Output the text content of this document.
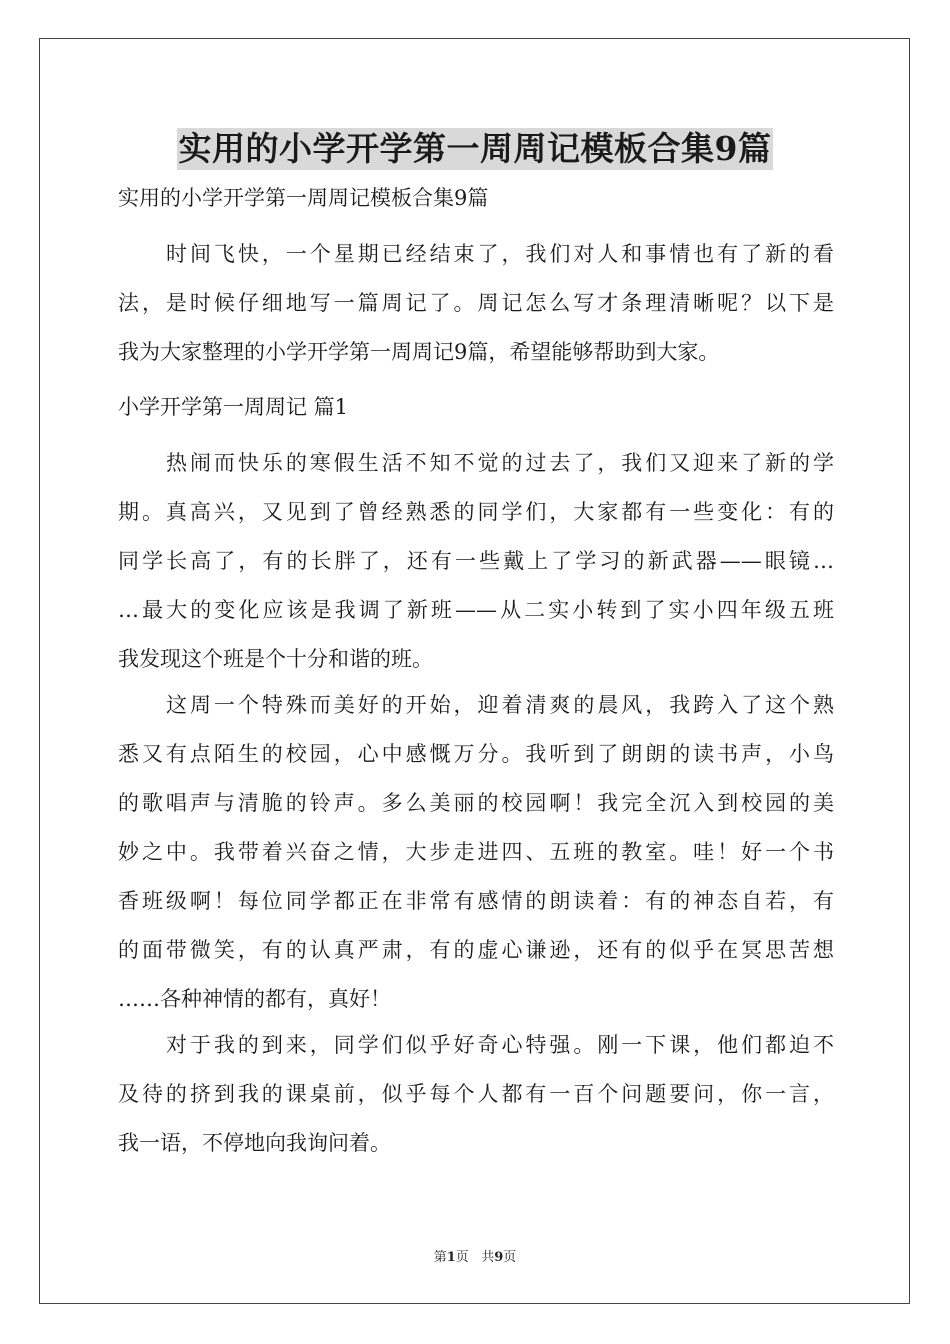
实用的小学开学第一周周记模板合集9篇
实用的小学开学第一周周记模板合集9篇
时间飞快，一个星期已经结束了，我们对人和事情也有了新的看
法，是时候仔细地写一篇周记了。周记怎么写才条理清晰呢？以下是
我为大家整理的小学开学第一周周记9篇，希望能够帮助到大家。
小学开学第一周周记 篇1
热闹而快乐的寒假生活不知不觉的过去了，我们又迎来了新的学
期。真高兴，又见到了曾经熟悉的同学们，大家都有一些变化：有的
同学长高了，有的长胖了，还有一些戴上了学习的新武器——眼镜…
…最大的变化应该是我调了新班——从二实小转到了实小四年级五班
我发现这个班是个十分和谐的班。
这周一个特殊而美好的开始，迎着清爽的晨风，我跨入了这个熟
悉又有点陌生的校园，心中感慨万分。我听到了朗朗的读书声，小鸟
的歌唱声与清脆的铃声。多么美丽的校园啊！我完全沉入到校园的美
妙之中。我带着兴奋之情，大步走进四、五班的教室。哇！好一个书
香班级啊！每位同学都正在非常有感情的朗读着：有的神态自若，有
的面带微笑，有的认真严肃，有的虚心谦逊，还有的似乎在冥思苦想
……各种神情的都有，真好！
对于我的到来，同学们似乎好奇心特强。刚一下课，他们都迫不
及待的挤到我的课桌前，似乎每个人都有一百个问题要问，你一言，
我一语，不停地向我询问着。
第1页 共9页
